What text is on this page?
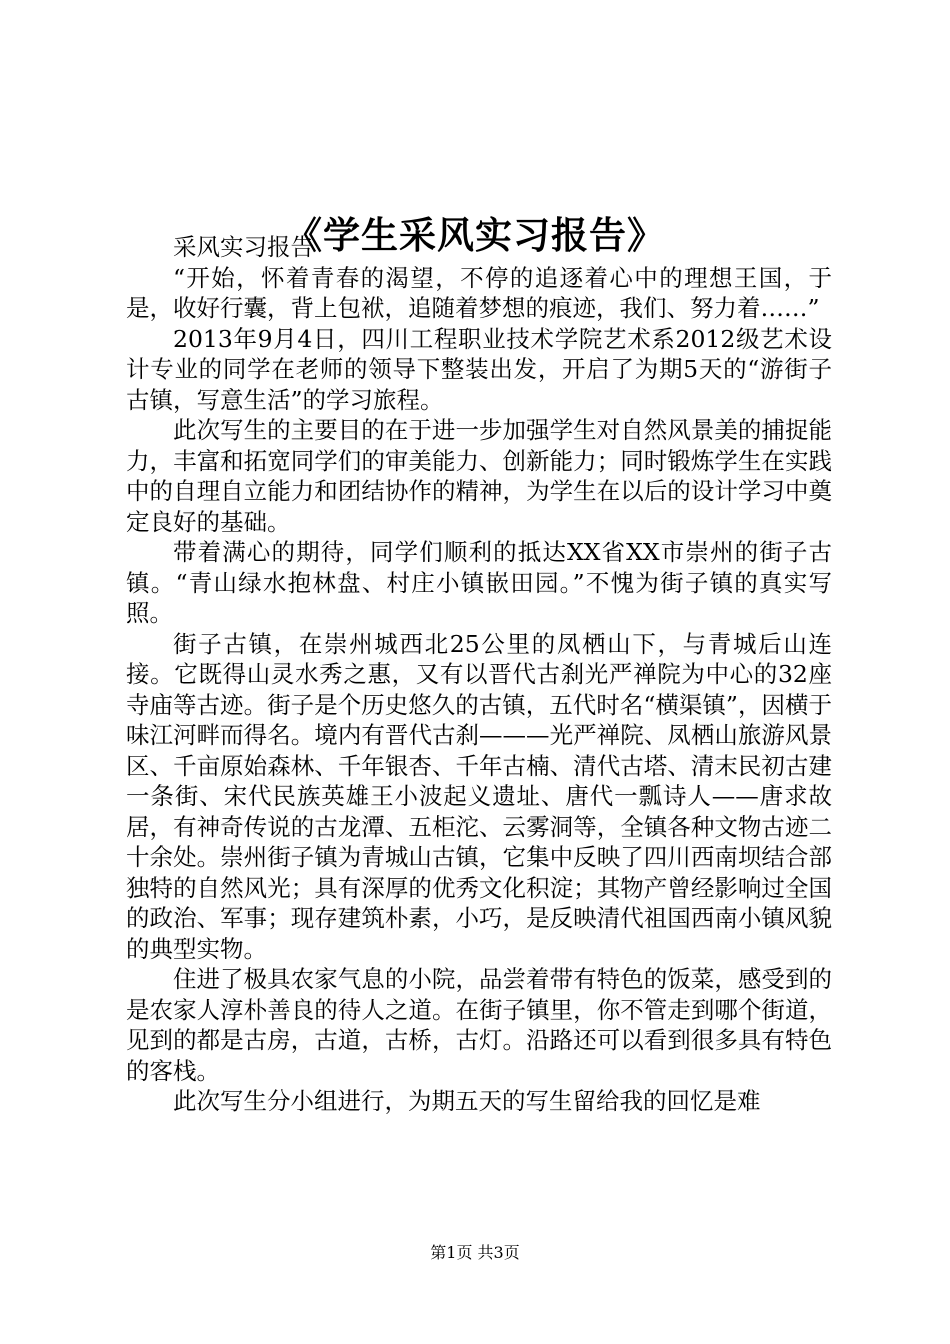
《学生采风实习报告》

采风实习报告

“开始，怀着青春的渴望，不停的追逐着心中的理想王国，于是，收好行囊，背上包袱，追随着梦想的痕迹，我们、努力着……”

2013年9月4日，四川工程职业技术学院艺术系2012级艺术设计专业的同学在老师的领导下整装出发，开启了为期5天的“游街子古镇，写意生活”的学习旅程。

此次写生的主要目的在于进一步加强学生对自然风景美的捕捉能力，丰富和拓宽同学们的审美能力、创新能力；同时锻炼学生在实践中的自理自立能力和团结协作的精神，为学生在以后的设计学习中奠定良好的基础。

带着满心的期待，同学们顺利的抵达XX省XX市崇州的街子古镇。“青山绿水抱林盘、村庄小镇嵌田园。”不愧为街子镇的真实写照。

街子古镇，在崇州城西北25公里的凤栖山下，与青城后山连接。它既得山灵水秀之惠，又有以晋代古刹光严禅院为中心的32座寺庙等古迹。街子是个历史悠久的古镇，五代时名“横渠镇”，因横于味江河畔而得名。境内有晋代古刹———光严禅院、凤栖山旅游风景区、千亩原始森林、千年银杏、千年古楠、清代古塔、清末民初古建一条街、宋代民族英雄王小波起义遗址、唐代一瓢诗人——唐求故居，有神奇传说的古龙潭、五柜沱、云雾洞等，全镇各种文物古迹二十余处。崇州街子镇为青城山古镇，它集中反映了四川西南坝结合部独特的自然风光；具有深厚的优秀文化积淀；其物产曾经影响过全国的政治、军事；现存建筑朴素，小巧，是反映清代祖国西南小镇风貌的典型实物。

住进了极具农家气息的小院，品尝着带有特色的饭菜，感受到的是农家人淳朴善良的待人之道。在街子镇里，你不管走到哪个街道，见到的都是古房，古道，古桥，古灯。沿路还可以看到很多具有特色的客栈。

此次写生分小组进行，为期五天的写生留给我的回忆是难

第1页 共3页
